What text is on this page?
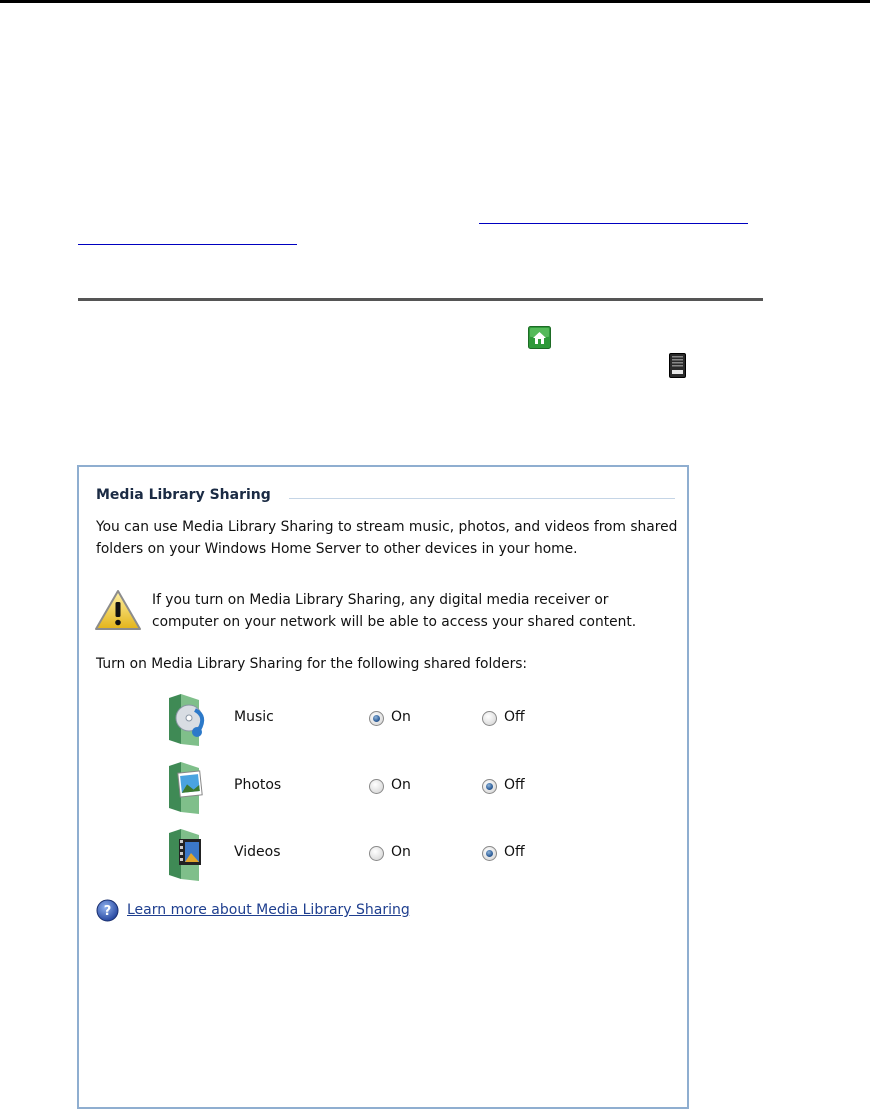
Media Library Sharing
You can use Media Library Sharing to stream music, photos, and videos from shared folders on your Windows Home Server to other devices in your home.
If you turn on Media Library Sharing, any digital media receiver or computer on your network will be able to access your shared content.
Turn on Media Library Sharing for the following shared folders:
Music	On	Off
Photos	On	Off
Videos	On	Off
? Learn more about Media Library Sharing
